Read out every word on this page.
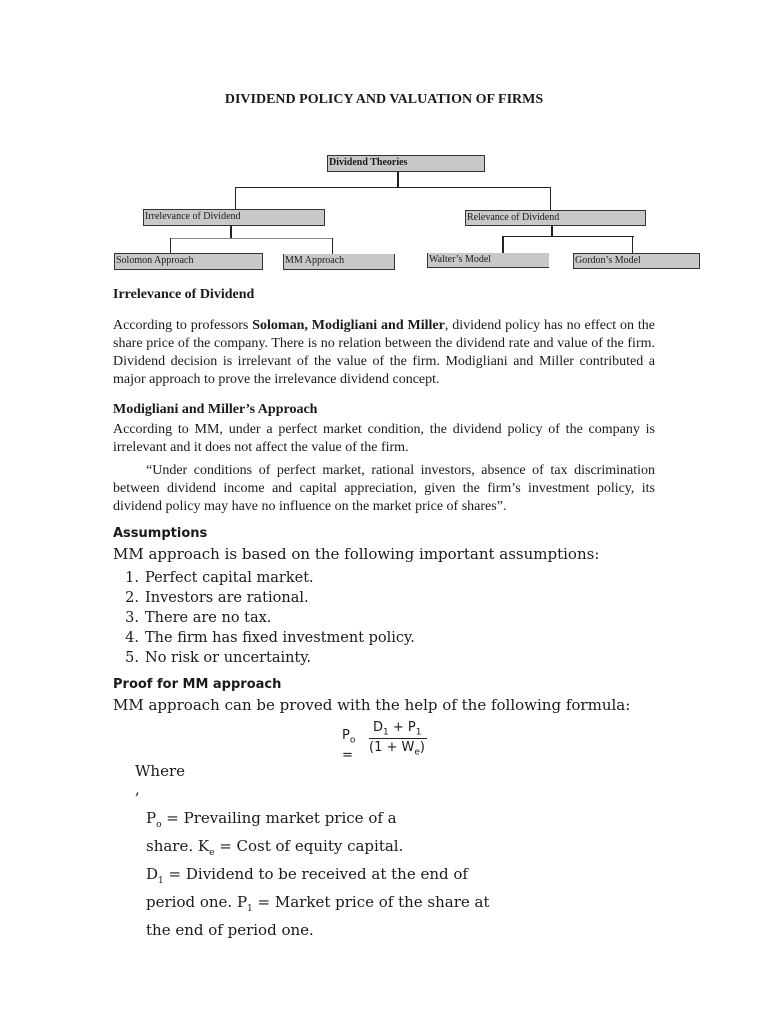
DIVIDEND POLICY AND VALUATION OF FIRMS
Dividend Theories
Irrelevance of Dividend	Relevance of Dividend
Solomon Approach	MM Approach	Walter’s Model	Gordon’s Model
Irrelevance of Dividend
According to professors Soloman, Modigliani and Miller, dividend policy has no effect on the share price of the company. There is no relation between the dividend rate and value of the firm. Dividend decision is irrelevant of the value of the firm. Modigliani and Miller contributed a major approach to prove the irrelevance dividend concept.
Modigliani and Miller’s Approach
According to MM, under a perfect market condition, the dividend policy of the company is irrelevant and it does not affect the value of the firm.
“Under conditions of perfect market, rational investors, absence of tax discrimination between dividend income and capital appreciation, given the firm’s investment policy, its dividend policy may have no influence on the market price of shares”.
Assumptions
MM approach is based on the following important assumptions:
1. Perfect capital market.
2. Investors are rational.
3. There are no tax.
4. The firm has fixed investment policy.
5. No risk or uncertainty.
Proof for MM approach
MM approach can be proved with the help of the following formula:
$P_o$
=
$D_1 + P_1$
$(1 + W_e)$
Where
,
$P_o$ = Prevailing market price of a
share. $K_e$ = Cost of equity capital.
$D_1$ = Dividend to be received at the end of
period one. $P_1$ = Market price of the share at
the end of period one.
